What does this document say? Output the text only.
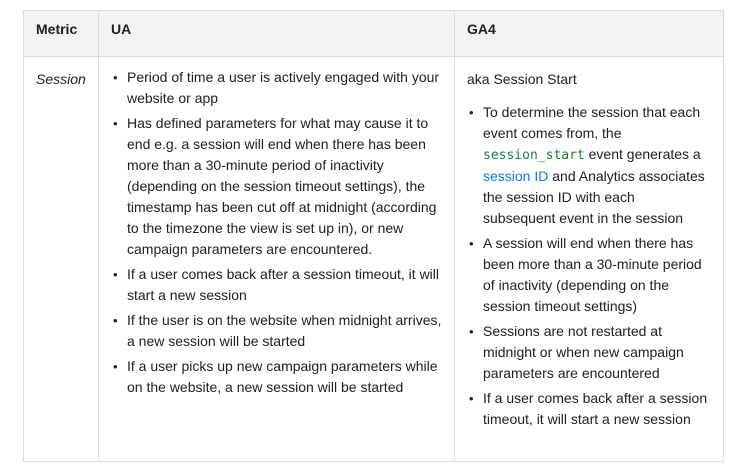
Metric	UA	GA4
Session
•	Period of time a user is actively engaged with your website or app
• Has defined parameters for what may cause it to end e.g. a session will end when there has been more than a 30-minute period of inactivity (depending on the session timeout settings), the timestamp has been cut off at midnight (according to the timezone the view is set up in), or new campaign parameters are encountered.
• If a user comes back after a session timeout, it will start a new session
• If the user is on the website when midnight arrives, a new session will be started
• If a user picks up new campaign parameters while on the website, a new session will be started
aka Session Start
• To determine the session that each event comes from, the session_start event generates a session ID and Analytics associates the session ID with each subsequent event in the session
• A session will end when there has been more than a 30-minute period of inactivity (depending on the session timeout settings)
• Sessions are not restarted at midnight or when new campaign parameters are encountered
• If a user comes back after a session timeout, it will start a new session
